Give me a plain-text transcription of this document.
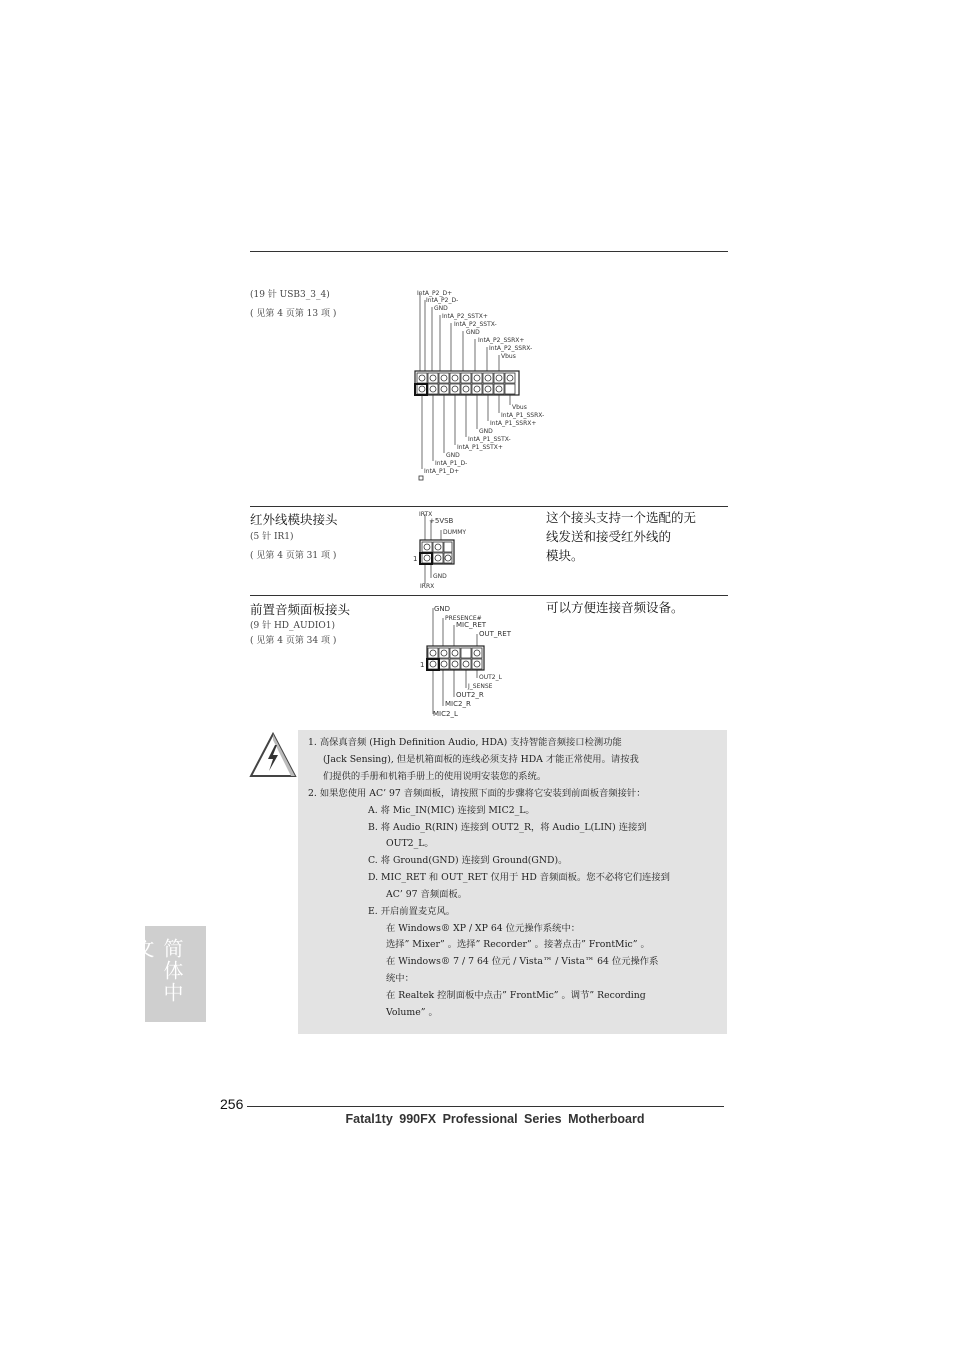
(19 针 USB3_3_4)
( 见第 4 页第 13 项 )
IntA_P2_D+
IntA_P2_D-
GND
IntA_P2_SSTX+
IntA_P2_SSTX-
GND
IntA_P2_SSRX+
IntA_P2_SSRX-
Vbus
Vbus
IntA_P1_SSRX-
IntA_P1_SSRX+
GND
IntA_P1_SSTX-
IntA_P1_SSTX+
GND
IntA_P1_D-
IntA_P1_D+
红外线模块接头
(5 针 IR1)
( 见第 4 页第 31 项 )
IRTX
+5VSB
DUMMY
1
GND
IRRX
这个接头支持一个选配的无
线发送和接受红外线的
模块。
前置音频面板接头
(9 针 HD_AUDIO1)
( 见第 4 页第 34 项 )
GND
PRESENCE#
MIC_RET
OUT_RET
1
OUT2_L
J_SENSE
OUT2_R
MIC2_R
MIC2_L
可以方便连接音频设备。
1. 高保真音频 (High Definition Audio, HDA) 支持智能音频接口检测功能
(Jack Sensing), 但是机箱面板的连线必须支持 HDA 才能正常使用。请按我
们提供的手册和机箱手册上的使用说明安装您的系统。
2. 如果您使用 AC’ 97 音频面板，请按照下面的步骤将它安装到前面板音频接针：
A. 将 Mic_IN(MIC) 连接到 MIC2_L。
B. 将 Audio_R(RIN) 连接到 OUT2_R，将 Audio_L(LIN) 连接到
OUT2_L。
C. 将 Ground(GND) 连接到 Ground(GND)。
D. MIC_RET 和 OUT_RET 仅用于 HD 音频面板。您不必将它们连接到
AC’ 97 音频面板。
E. 开启前置麦克风。
在 Windows® XP / XP 64 位元操作系统中：
选择” Mixer” 。选择” Recorder” 。接著点击” FrontMic” 。
在 Windows® 7 / 7 64 位元 / Vista™ / Vista™ 64 位元操作系
统中：
在 Realtek 控制面板中点击” FrontMic” 。调节” Recording
Volume” 。
简体中文
256
Fatal1ty 990FX Professional Series Motherboard
